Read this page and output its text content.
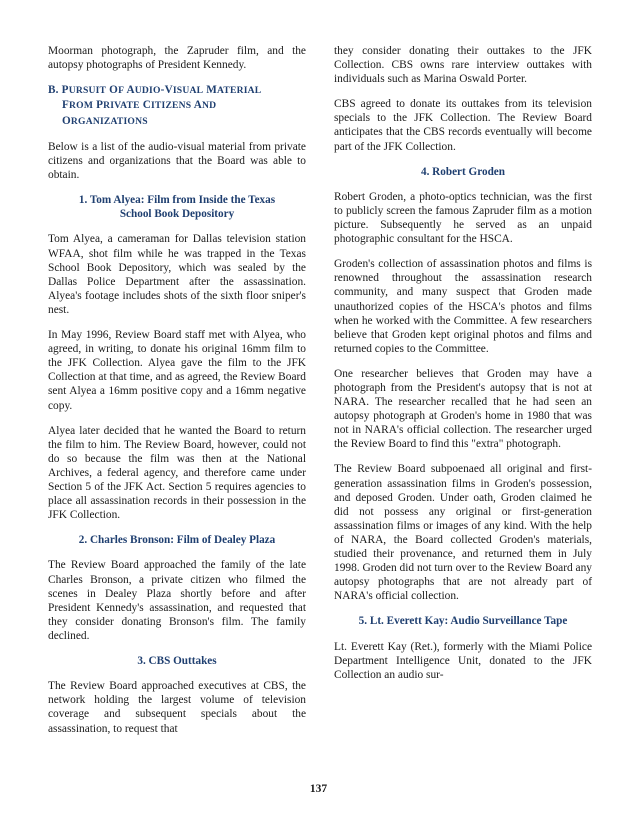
Moorman photograph, the Zapruder film, and the autopsy photographs of President Kennedy.

B. PURSUIT OF AUDIO-VISUAL MATERIAL
FROM PRIVATE CITIZENS AND
ORGANIZATIONS

Below is a list of the audio-visual material from private citizens and organizations that the Board was able to obtain.

1. Tom Alyea: Film from Inside the Texas
School Book Depository

Tom Alyea, a cameraman for Dallas television station WFAA, shot film while he was trapped in the Texas School Book Depository, which was sealed by the Dallas Police Department after the assassination. Alyea's footage includes shots of the sixth floor sniper's nest.

In May 1996, Review Board staff met with Alyea, who agreed, in writing, to donate his original 16mm film to the JFK Collection. Alyea gave the film to the JFK Collection at that time, and as agreed, the Review Board sent Alyea a 16mm positive copy and a 16mm negative copy.

Alyea later decided that he wanted the Board to return the film to him. The Review Board, however, could not do so because the film was then at the National Archives, a federal agency, and therefore came under Section 5 of the JFK Act. Section 5 requires agencies to place all assassination records in their possession in the JFK Collection.

2. Charles Bronson: Film of Dealey Plaza

The Review Board approached the family of the late Charles Bronson, a private citizen who filmed the scenes in Dealey Plaza shortly before and after President Kennedy's assassination, and requested that they consider donating Bronson's film. The family declined.

3. CBS Outtakes

The Review Board approached executives at CBS, the network holding the largest volume of television coverage and subsequent specials about the assassination, to request that

they consider donating their outtakes to the JFK Collection. CBS owns rare interview outtakes with individuals such as Marina Oswald Porter.

CBS agreed to donate its outtakes from its television specials to the JFK Collection. The Review Board anticipates that the CBS records eventually will become part of the JFK Collection.

4. Robert Groden

Robert Groden, a photo-optics technician, was the first to publicly screen the famous Zapruder film as a motion picture. Subsequently he served as an unpaid photographic consultant for the HSCA.

Groden's collection of assassination photos and films is renowned throughout the assassination research community, and many suspect that Groden made unauthorized copies of the HSCA's photos and films when he worked with the Committee. A few researchers believe that Groden kept original photos and films and returned copies to the Committee.

One researcher believes that Groden may have a photograph from the President's autopsy that is not at NARA. The researcher recalled that he had seen an autopsy photograph at Groden's home in 1980 that was not in NARA's official collection. The researcher urged the Review Board to find this "extra" photograph.

The Review Board subpoenaed all original and first-generation assassination films in Groden's possession, and deposed Groden. Under oath, Groden claimed he did not possess any original or first-generation assassination films or images of any kind. With the help of NARA, the Board collected Groden's materials, studied their provenance, and returned them in July 1998. Groden did not turn over to the Review Board any autopsy photographs that are not already part of NARA's official collection.

5. Lt. Everett Kay: Audio Surveillance Tape

Lt. Everett Kay (Ret.), formerly with the Miami Police Department Intelligence Unit, donated to the JFK Collection an audio sur-

137
